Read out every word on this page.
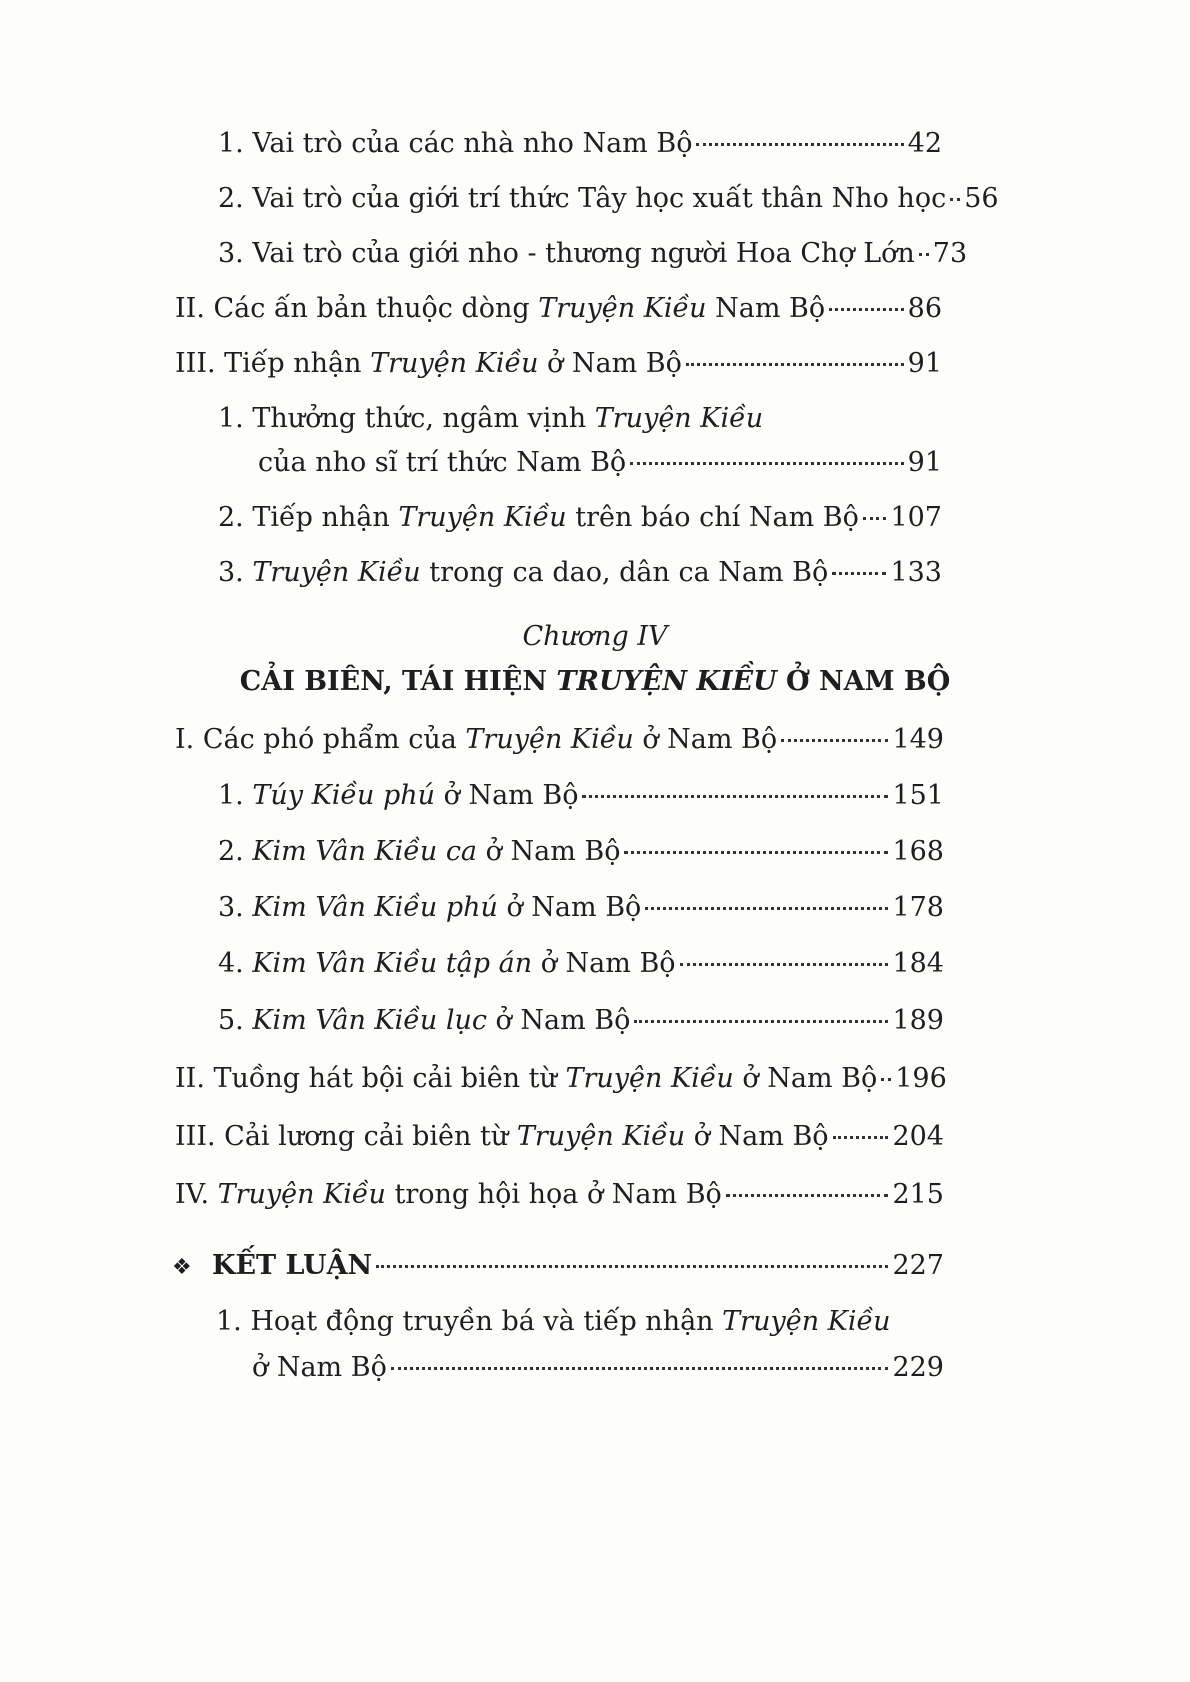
1. Vai trò của các nhà nho Nam Bộ	42
2. Vai trò của giới trí thức Tây học xuất thân Nho học 56
3. Vai trò của giới nho - thương người Hoa Chợ Lớn 73
II. Các ấn bản thuộc dòng Truyện Kiều Nam Bộ	86
III. Tiếp nhận Truyện Kiều ở Nam Bộ	91
1. Thưởng thức, ngâm vịnh Truyện Kiều
của nho sĩ trí thức Nam Bộ	91
2. Tiếp nhận Truyện Kiều trên báo chí Nam Bộ 107
3. Truyện Kiều trong ca dao, dân ca Nam Bộ 133
Chương IV
CẢI BIÊN, TÁI HIỆN TRUYỆN KIỀU Ở NAM BỘ
I. Các phó phẩm của Truyện Kiều ở Nam Bộ	149
1. Túy Kiều phú ở Nam Bộ	151
2. Kim Vân Kiều ca ở Nam Bộ	168
3. Kim Vân Kiều phú ở Nam Bộ	178
4. Kim Vân Kiều tập án ở Nam Bộ	184
5. Kim Vân Kiều lục ở Nam Bộ	189
II. Tuồng hát bội cải biên từ Truyện Kiều ở Nam Bộ 196
III. Cải lương cải biên từ Truyện Kiều ở Nam Bộ 204
IV. Truyện Kiều trong hội họa ở Nam Bộ	215
❖ KẾT LUẬN	227
1. Hoạt động truyền bá và tiếp nhận Truyện Kiều
ở Nam Bộ	229
